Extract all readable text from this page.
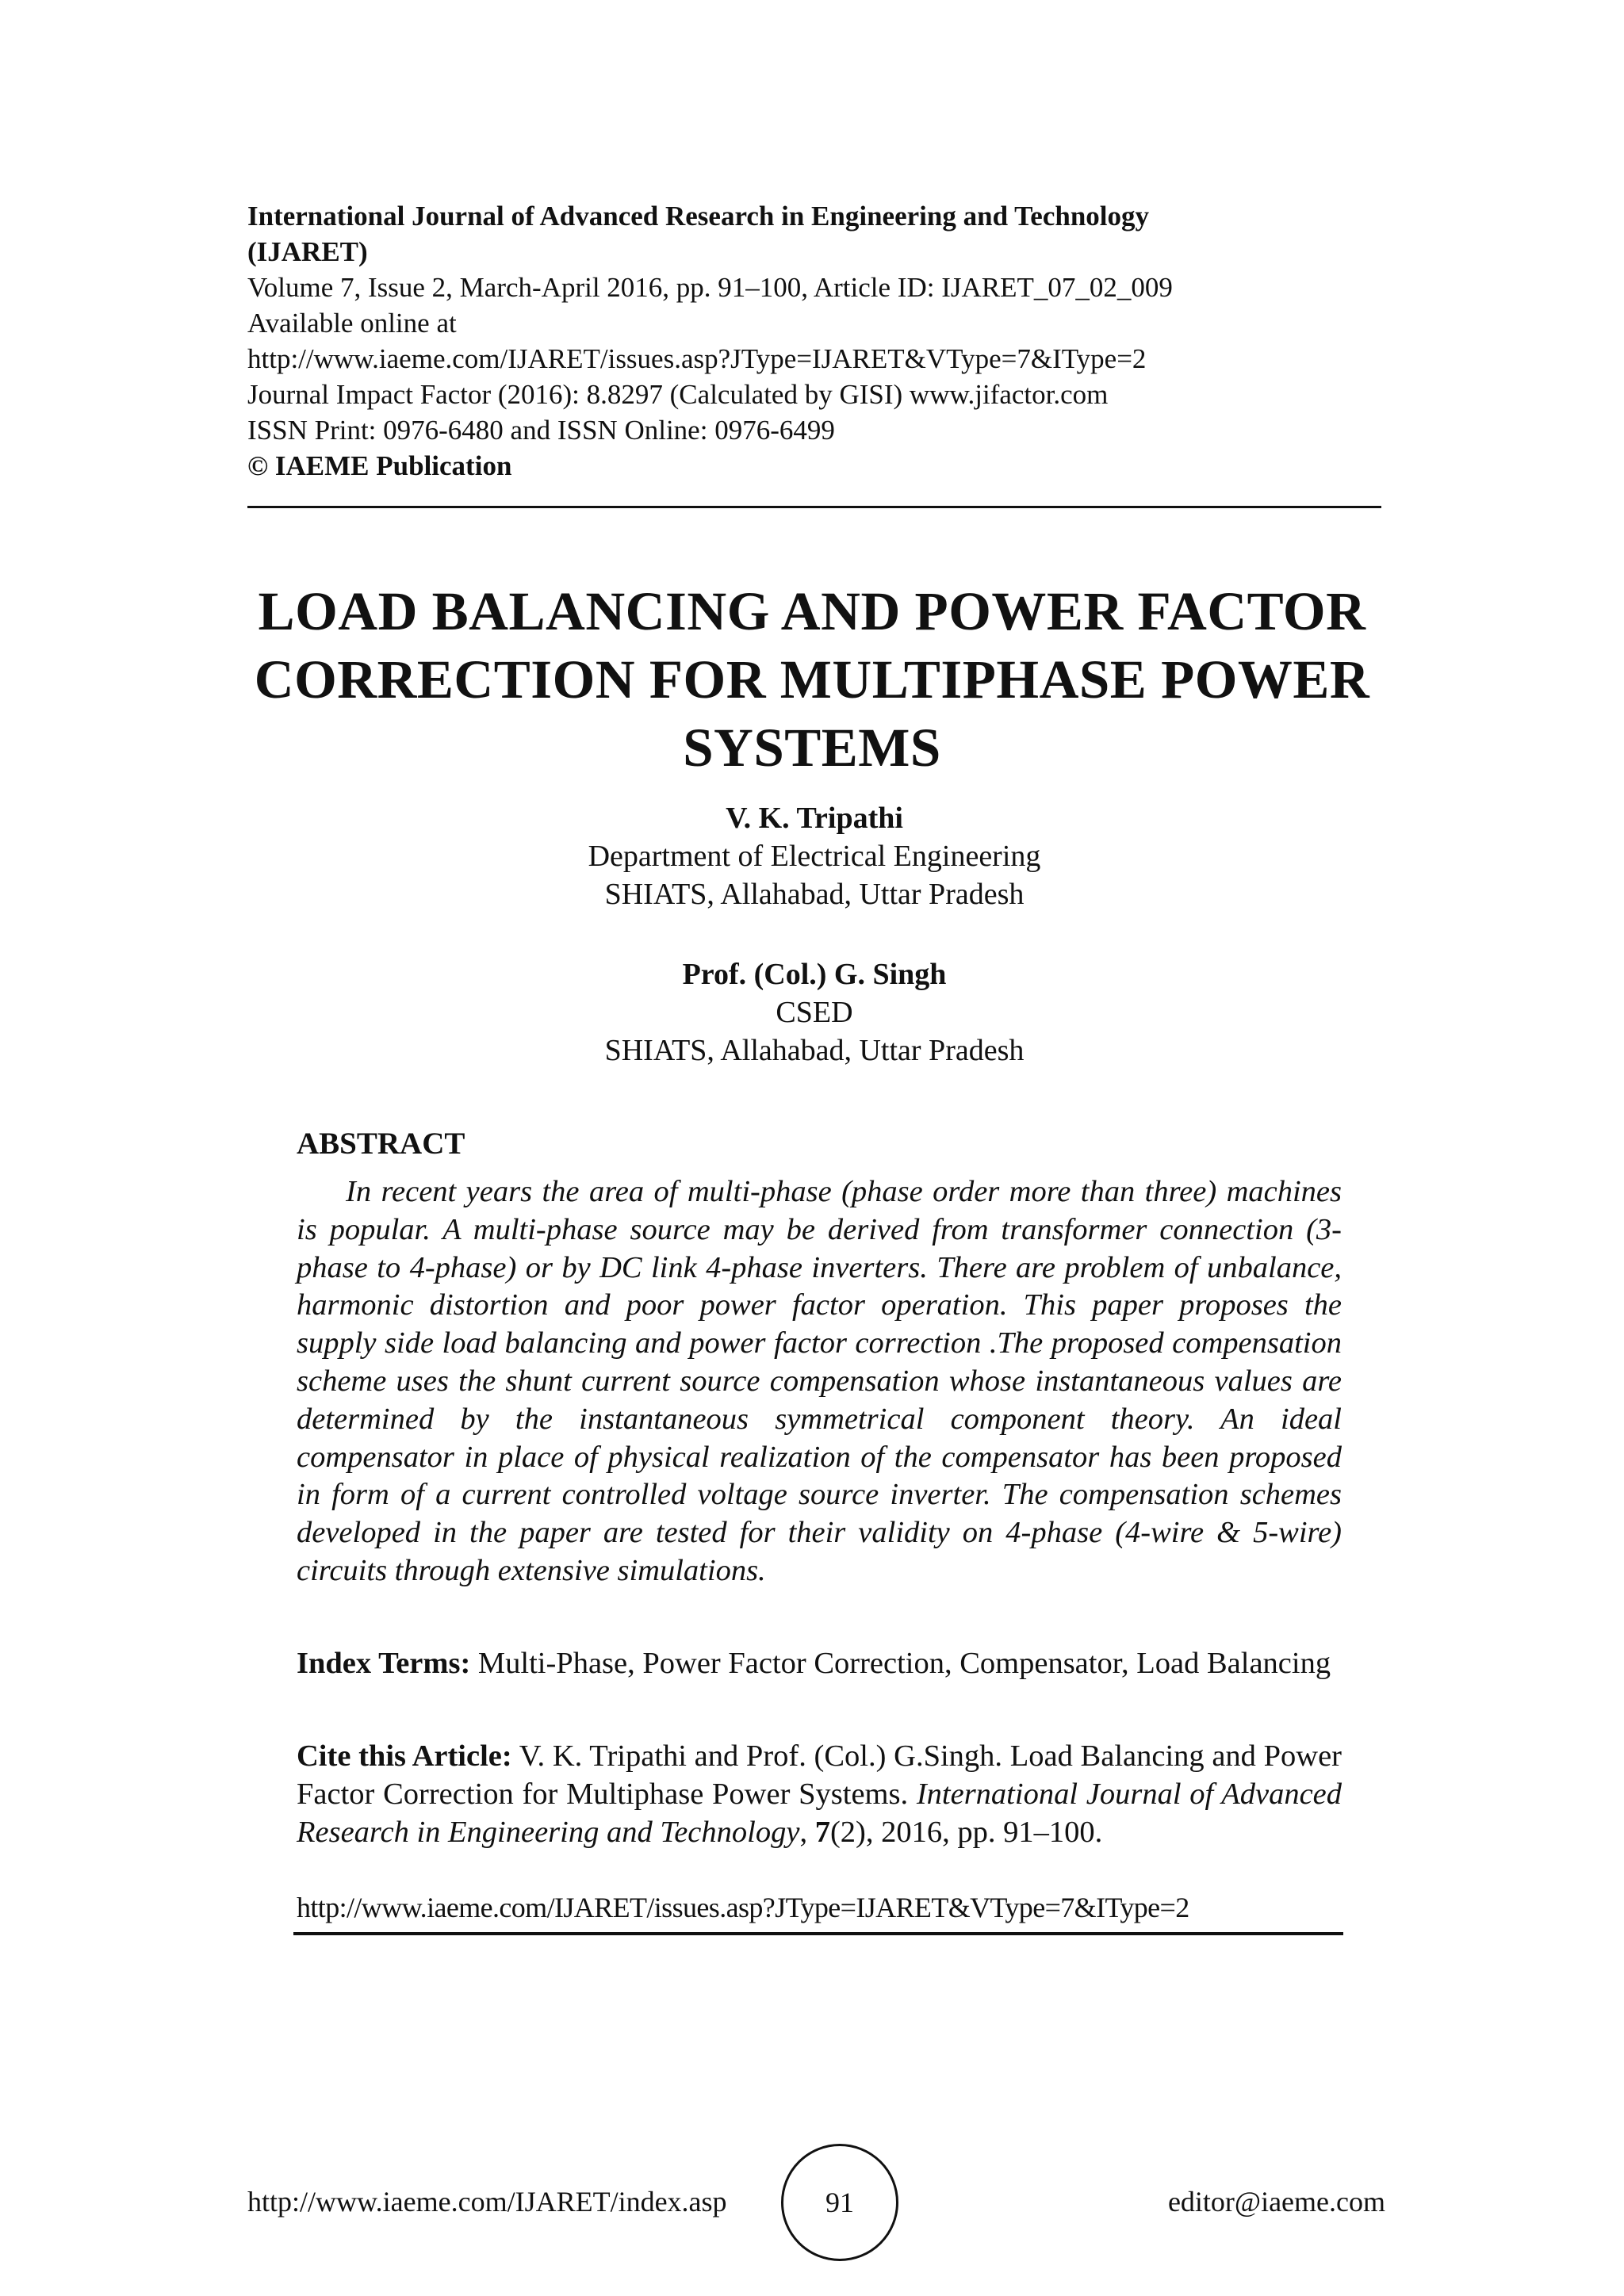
International Journal of Advanced Research in Engineering and Technology
(IJARET)
Volume 7, Issue 2, March-April 2016, pp. 91–100, Article ID: IJARET_07_02_009
Available online at
http://www.iaeme.com/IJARET/issues.asp?JType=IJARET&VType=7&IType=2
Journal Impact Factor (2016): 8.8297 (Calculated by GISI) www.jifactor.com
ISSN Print: 0976-6480 and ISSN Online: 0976-6499
© IAEME Publication
LOAD BALANCING AND POWER FACTOR
CORRECTION FOR MULTIPHASE POWER
SYSTEMS
V. K. Tripathi
Department of Electrical Engineering
SHIATS, Allahabad, Uttar Pradesh
Prof. (Col.) G. Singh
CSED
SHIATS, Allahabad, Uttar Pradesh
ABSTRACT

In recent years the area of multi-phase (phase order more than three) machines is popular. A multi-phase source may be derived from transformer connection (3- phase to 4-phase) or by DC link 4-phase inverters. There are problem of unbalance, harmonic distortion and poor power factor operation. This paper proposes the supply side load balancing and power factor correction .The proposed compensation scheme uses the shunt current source compensation whose instantaneous values are determined by the instantaneous symmetrical component theory. An ideal compensator in place of physical realization of the compensator has been proposed in form of a current controlled voltage source inverter. The compensation schemes developed in the paper are tested for their validity on 4-phase (4-wire & 5-wire) circuits through extensive simulations.

Index Terms: Multi-Phase, Power Factor Correction, Compensator, Load Balancing

Cite this Article: V. K. Tripathi and Prof. (Col.) G.Singh. Load Balancing and Power Factor Correction for Multiphase Power Systems. International Journal of Advanced Research in Engineering and Technology, 7(2), 2016, pp. 91–100.

http://www.iaeme.com/IJARET/issues.asp?JType=IJARET&VType=7&IType=2
http://www.iaeme.com/IJARET/index.asp	91	editor@iaeme.com
